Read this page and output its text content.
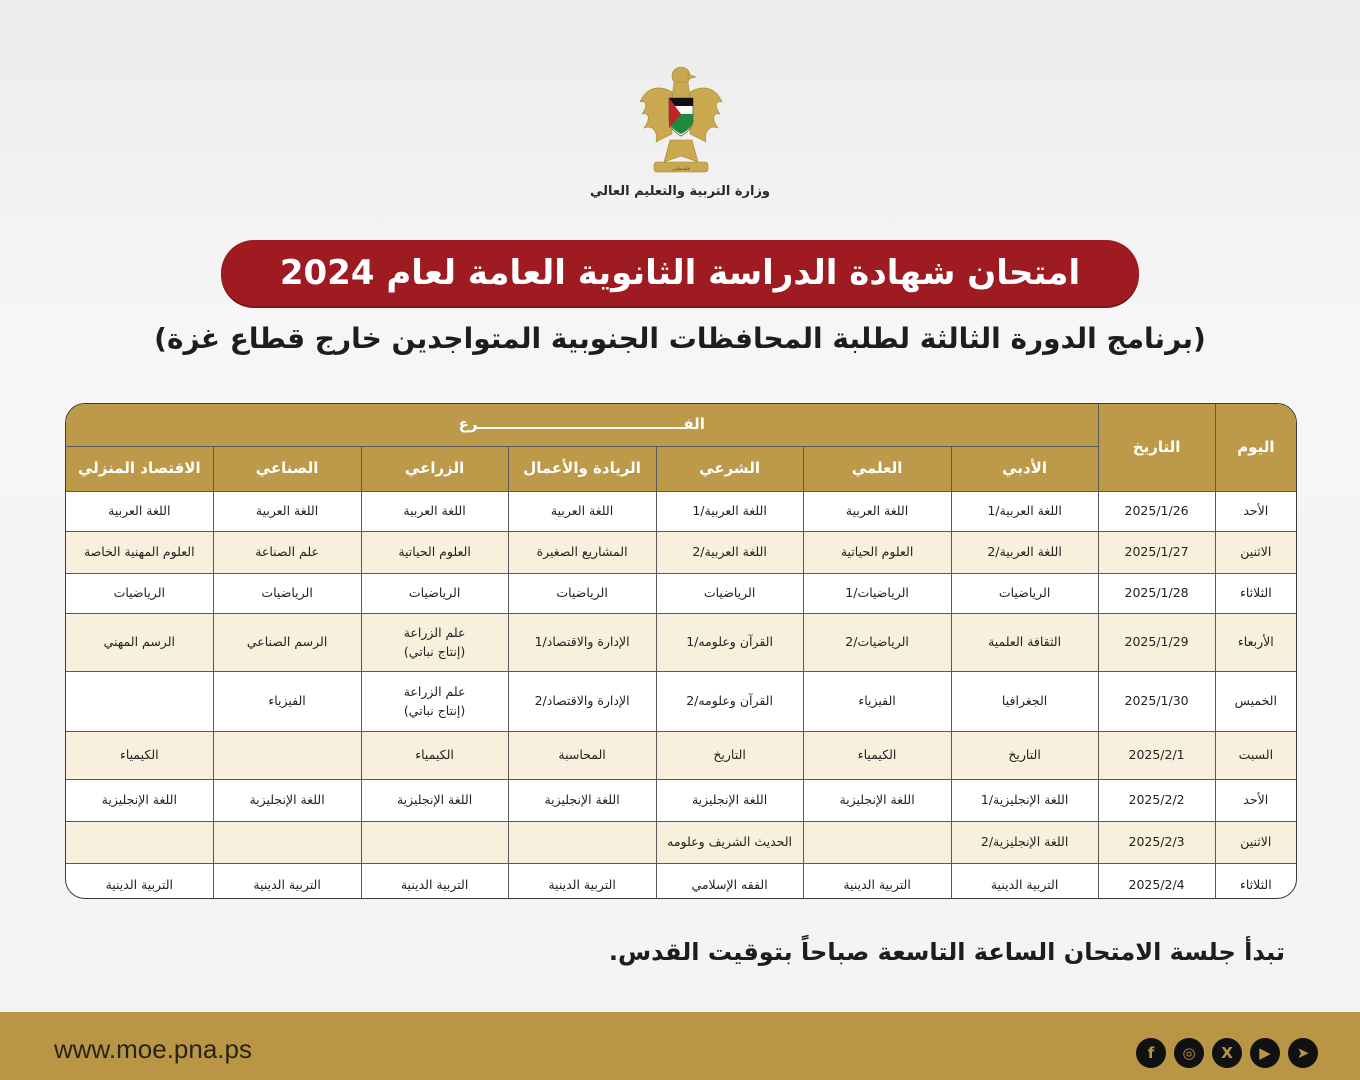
فلسطين
وزارة التربية والتعليم العالي
امتحان شهادة الدراسة الثانوية العامة لعام 2024
(برنامج الدورة الثالثة لطلبة المحافظات الجنوبية المتواجدين خارج قطاع غزة)
اليوم	التاريخ	الفــــــــــــــــــــــــــــــــــــــــرع						
		الأدبي	العلمي	الشرعي	الريادة والأعمال	الزراعي	الصناعي	الاقتصاد المنزلي
الأحد	2025/1/26	اللغة العربية/1	اللغة العربية	اللغة العربية/1	اللغة العربية	اللغة العربية	اللغة العربية	اللغة العربية
الاثنين	2025/1/27	اللغة العربية/2	العلوم الحياتية	اللغة العربية/2	المشاريع الصغيرة	العلوم الحياتية	علم الصناعة	العلوم المهنية الخاصة
الثلاثاء	2025/1/28	الرياضيات	الرياضيات/1	الرياضيات	الرياضيات	الرياضيات	الرياضيات	الرياضيات
الأربعاء	2025/1/29	الثقافة العلمية	الرياضيات/2	القرآن وعلومه/1	الإدارة والاقتصاد/1	علم الزراعة
(إنتاج نباتي)	الرسم الصناعي	الرسم المهني
الخميس	2025/1/30	الجغرافيا	الفيزياء	القرآن وعلومه/2	الإدارة والاقتصاد/2	علم الزراعة
(إنتاج نباتي)	الفيزياء	
السبت	2025/2/1	التاريخ	الكيمياء	التاريخ	المحاسبة	الكيمياء		الكيمياء
الأحد	2025/2/2	اللغة الإنجليزية/1	اللغة الإنجليزية	اللغة الإنجليزية	اللغة الإنجليزية	اللغة الإنجليزية	اللغة الإنجليزية	اللغة الإنجليزية
الاثنين	2025/2/3	اللغة الإنجليزية/2		الحديث الشريف وعلومه				
الثلاثاء	2025/2/4	التربية الدينية	التربية الدينية	الفقه الإسلامي	التربية الدينية	التربية الدينية	التربية الدينية	التربية الدينية
تبدأ جلسة الامتحان الساعة التاسعة صباحاً بتوقيت القدس.
www.moe.pna.ps	f	◎	X	▶	➤
